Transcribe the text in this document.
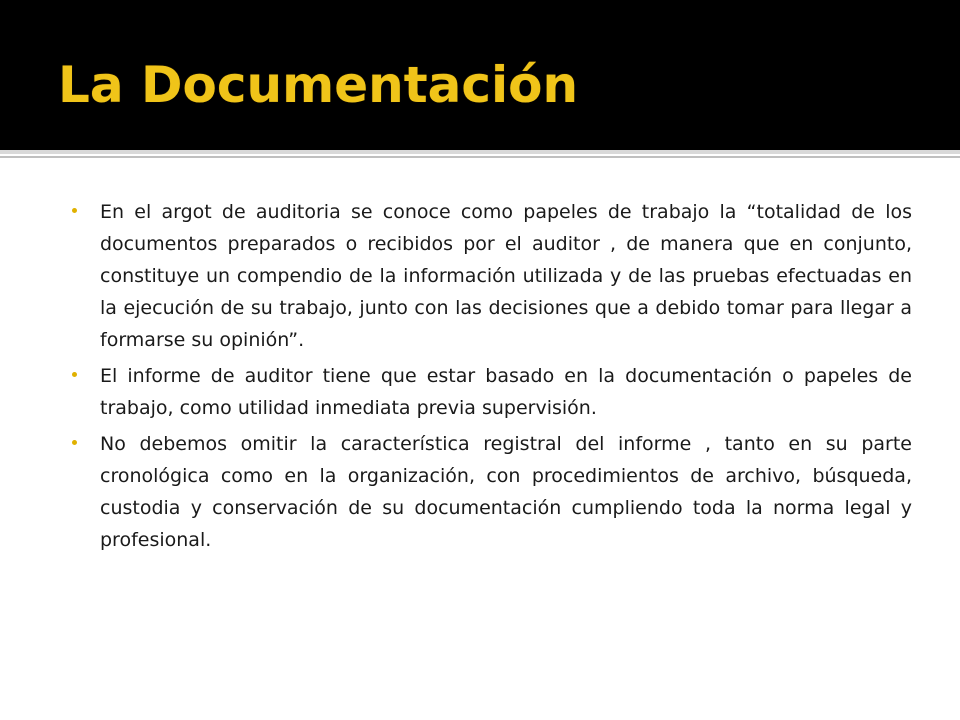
La Documentación
En el argot de auditoria se conoce como papeles de trabajo la “totalidad de los documentos preparados o recibidos por el auditor , de manera que en conjunto, constituye un compendio de la información utilizada y de las pruebas efectuadas en la ejecución de su trabajo, junto con las decisiones que a debido tomar para llegar a formarse su opinión”.
El informe de auditor tiene que estar basado en la documentación o papeles de trabajo, como utilidad inmediata previa supervisión.
No debemos omitir la característica registral del informe , tanto en su parte cronológica como en la organización, con procedimientos de archivo, búsqueda, custodia y conservación de su documentación cumpliendo toda la norma legal y profesional.
